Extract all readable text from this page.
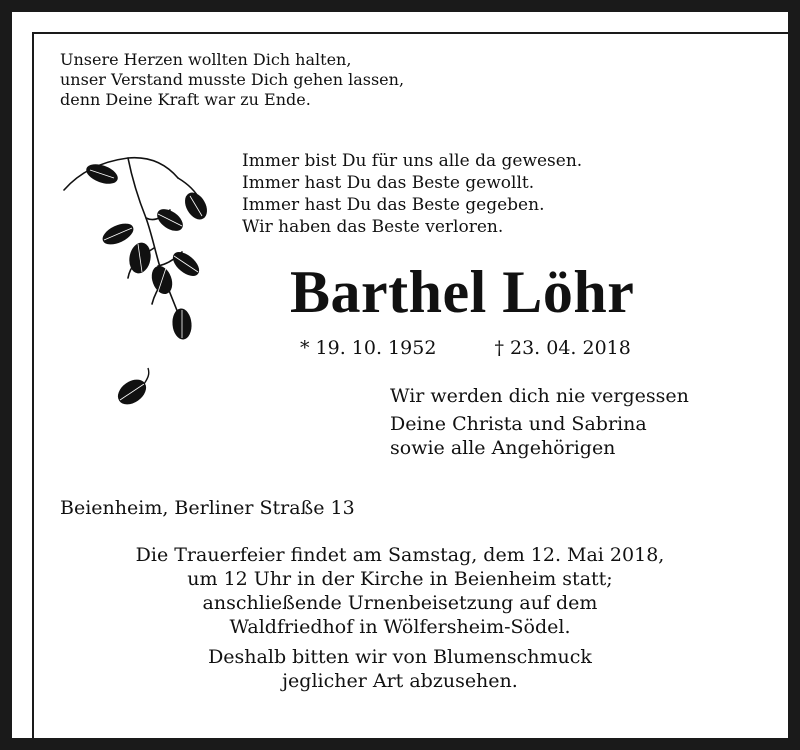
Unsere Herzen wollten Dich halten,
unser Verstand musste Dich gehen lassen,
denn Deine Kraft war zu Ende.
Immer bist Du für uns alle da gewesen.
Immer hast Du das Beste gewollt.
Immer hast Du das Beste gegeben.
Wir haben das Beste verloren.
Barthel Löhr
* 19. 10. 1952	† 23. 04. 2018
Wir werden dich nie vergessen
Deine Christa und Sabrina
sowie alle Angehörigen
Beienheim, Berliner Straße 13
Die Trauerfeier findet am Samstag, dem 12. Mai 2018,
um 12 Uhr in der Kirche in Beienheim statt;
anschließende Urnenbeisetzung auf dem
Waldfriedhof in Wölfersheim-Södel.
Deshalb bitten wir von Blumenschmuck
jeglicher Art abzusehen.
